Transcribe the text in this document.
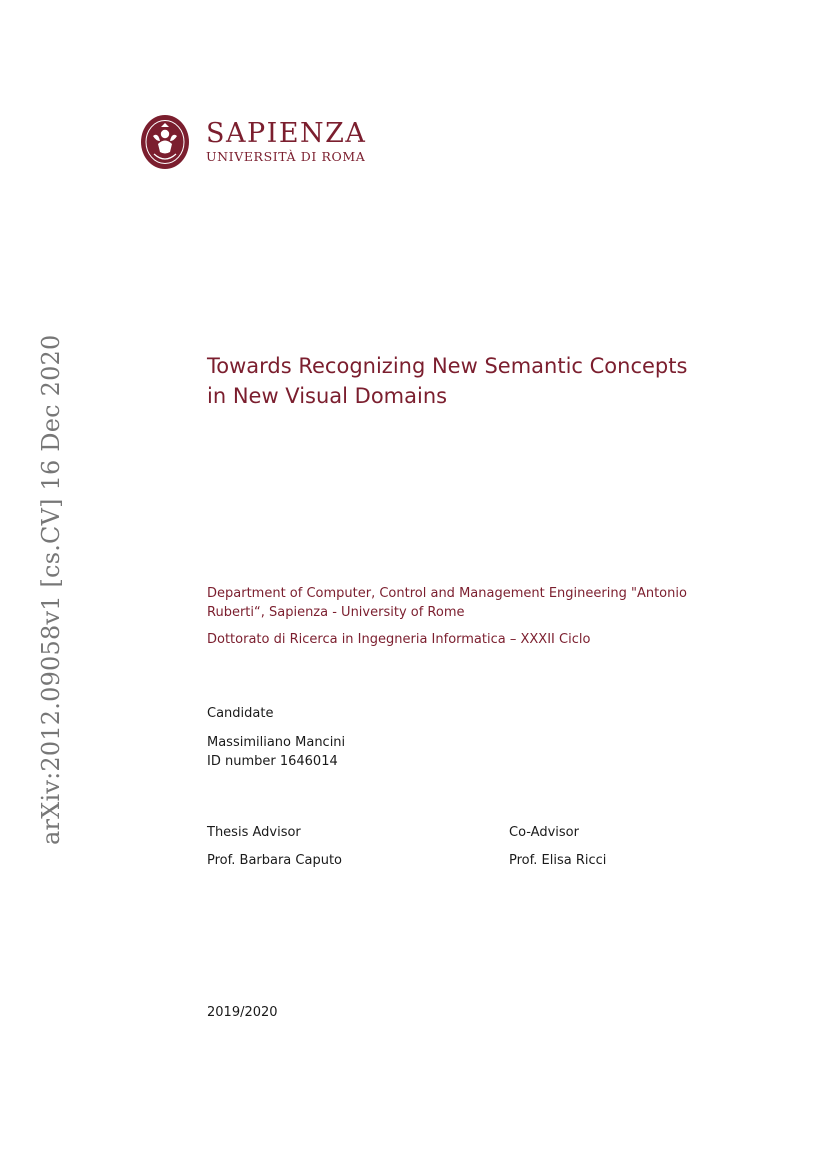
SAPIENZA
UNIVERSITÀ DI ROMA
arXiv:2012.09058v1 [cs.CV] 16 Dec 2020	Towards Recognizing New Semantic Concepts in New Visual Domains

Department of Computer, Control and Management Engineering "Antonio Ruberti“, Sapienza - University of Rome

Dottorato di Ricerca in Ingegneria Informatica – XXXII Ciclo

Candidate

Massimiliano Mancini

ID number 1646014

Thesis Advisor

Prof. Barbara Caputo

Co-Advisor

Prof. Elisa Ricci

2019/2020
